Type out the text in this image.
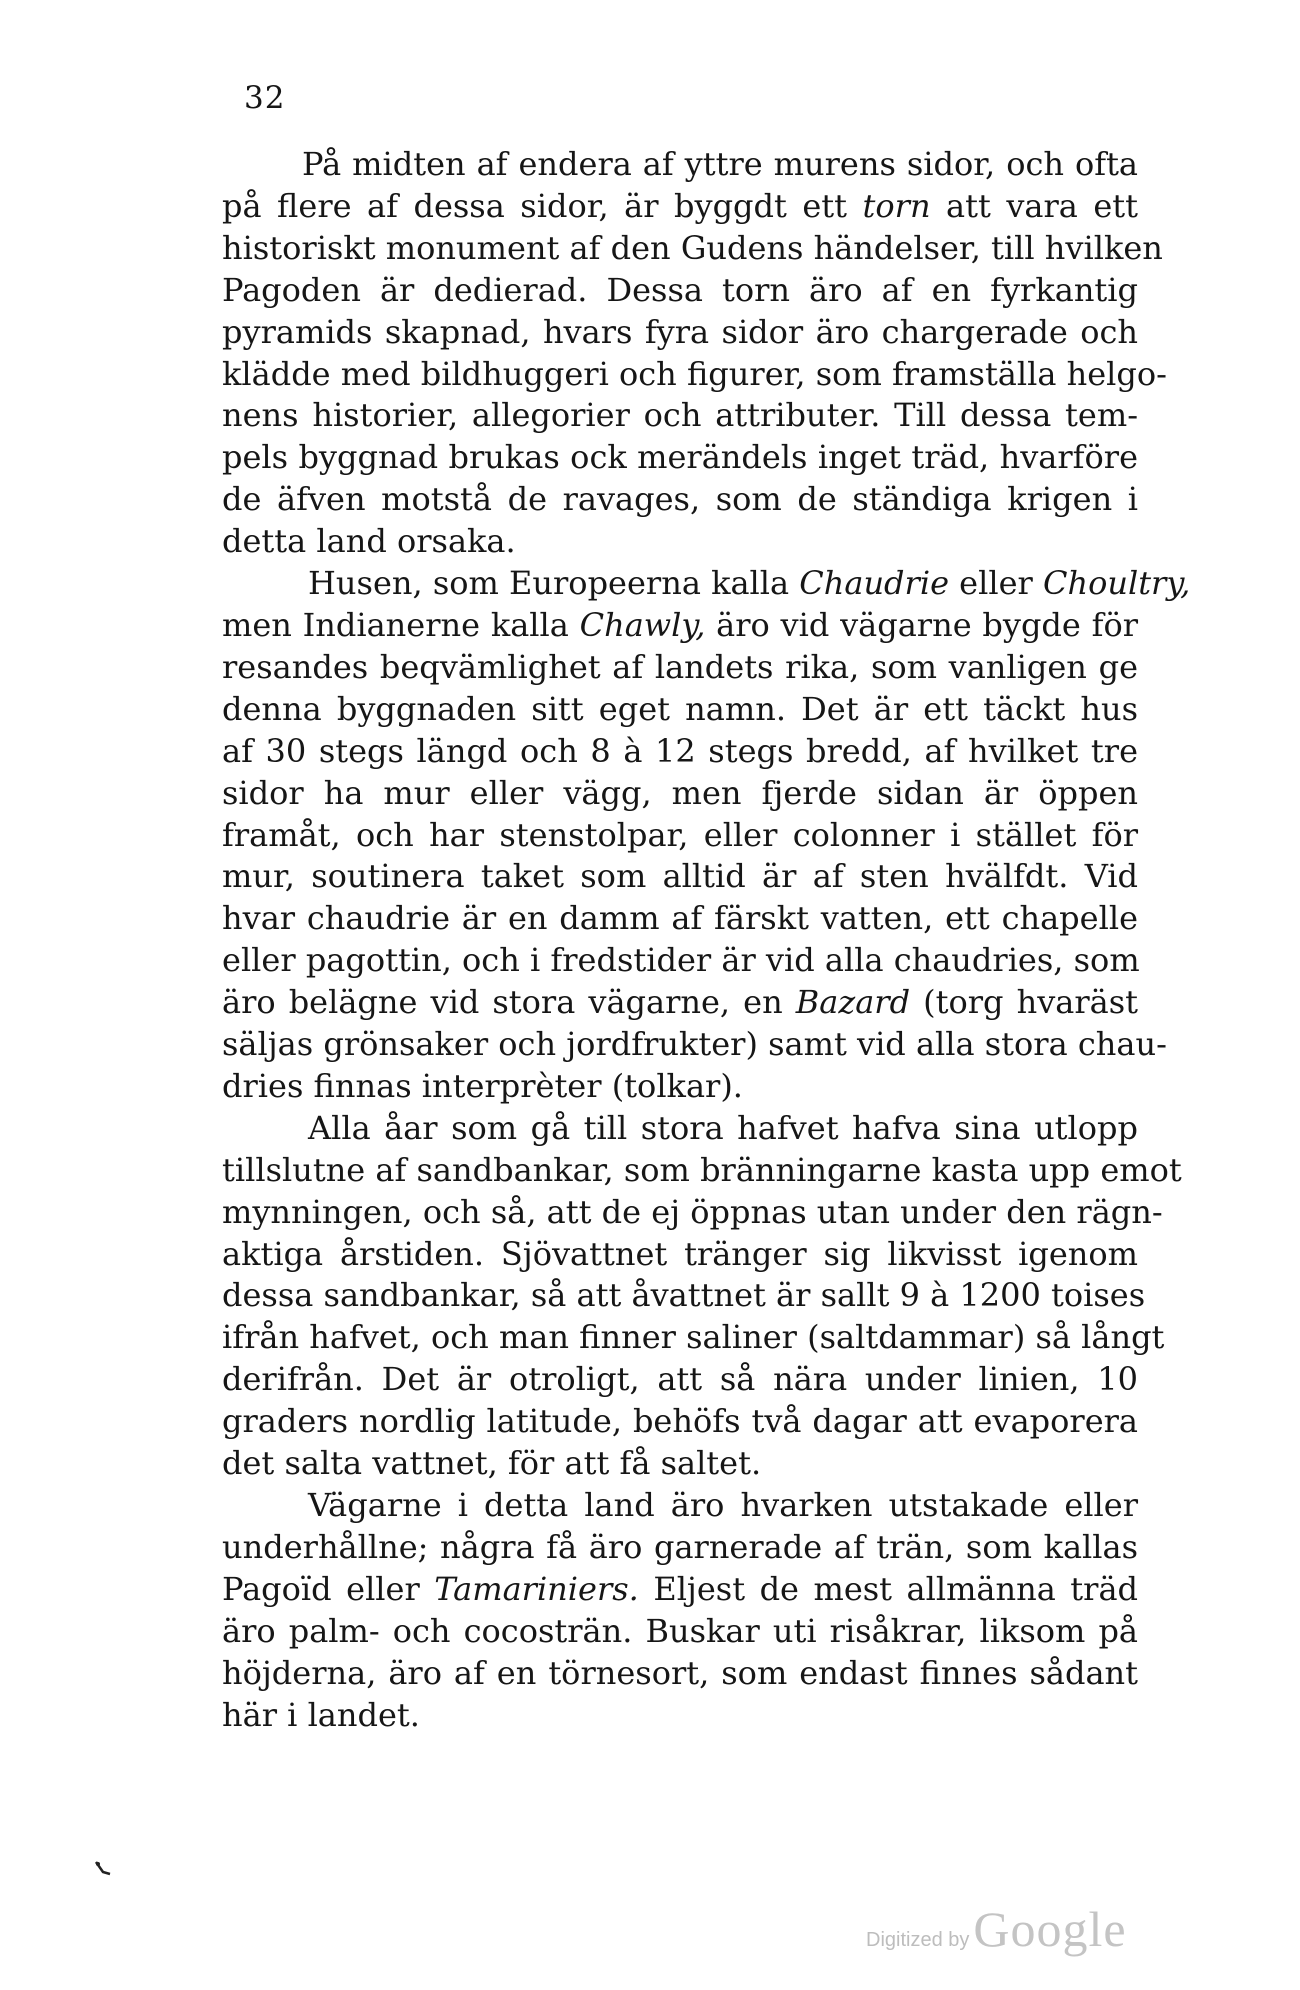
32

På midten af endera af yttre murens sidor, och ofta
på flere af dessa sidor, är byggdt ett torn att vara ett
historiskt monument af den Gudens händelser, till hvilken
Pagoden är dedierad. Dessa torn äro af en fyrkantig
pyramids skapnad, hvars fyra sidor äro chargerade och
klädde med bildhuggeri och figurer, som framställa helgo-
nens historier, allegorier och attributer. Till dessa tem-
pels byggnad brukas ock merändels inget träd, hvarföre
de äfven motstå de ravages, som de ständiga krigen i
detta land orsaka.

Husen, som Europeerna kalla Chaudrie eller Choultry,
men Indianerne kalla Chawly, äro vid vägarne bygde för
resandes beqvämlighet af landets rika, som vanligen ge
denna byggnaden sitt eget namn. Det är ett täckt hus
af 30 stegs längd och 8 à 12 stegs bredd, af hvilket tre
sidor ha mur eller vägg, men fjerde sidan är öppen
framåt, och har stenstolpar, eller colonner i stället för
mur, soutinera taket som alltid är af sten hvälfdt. Vid
hvar chaudrie är en damm af färskt vatten, ett chapelle
eller pagottin, och i fredstider är vid alla chaudries, som
äro belägne vid stora vägarne, en Bazard (torg hvaräst
säljas grönsaker och jordfrukter) samt vid alla stora chau-
dries finnas interprèter (tolkar).

Alla åar som gå till stora hafvet hafva sina utlopp
tillslutne af sandbankar, som bränningarne kasta upp emot
mynningen, och så, att de ej öppnas utan under den rägn-
aktiga årstiden. Sjövattnet tränger sig likvisst igenom
dessa sandbankar, så att åvattnet är sallt 9 à 1200 toises
ifrån hafvet, och man finner saliner (saltdammar) så långt
derifrån. Det är otroligt, att så nära under linien, 10
graders nordlig latitude, behöfs två dagar att evaporera
det salta vattnet, för att få saltet.

Vägarne i detta land äro hvarken utstakade eller
underhållne; några få äro garnerade af trän, som kallas
Pagoïd eller Tamariniers. Eljest de mest allmänna träd
äro palm- och cocosträn. Buskar uti risåkrar, liksom på
höjderna, äro af en törnesort, som endast finnes sådant
här i landet.

Digitized by Google
